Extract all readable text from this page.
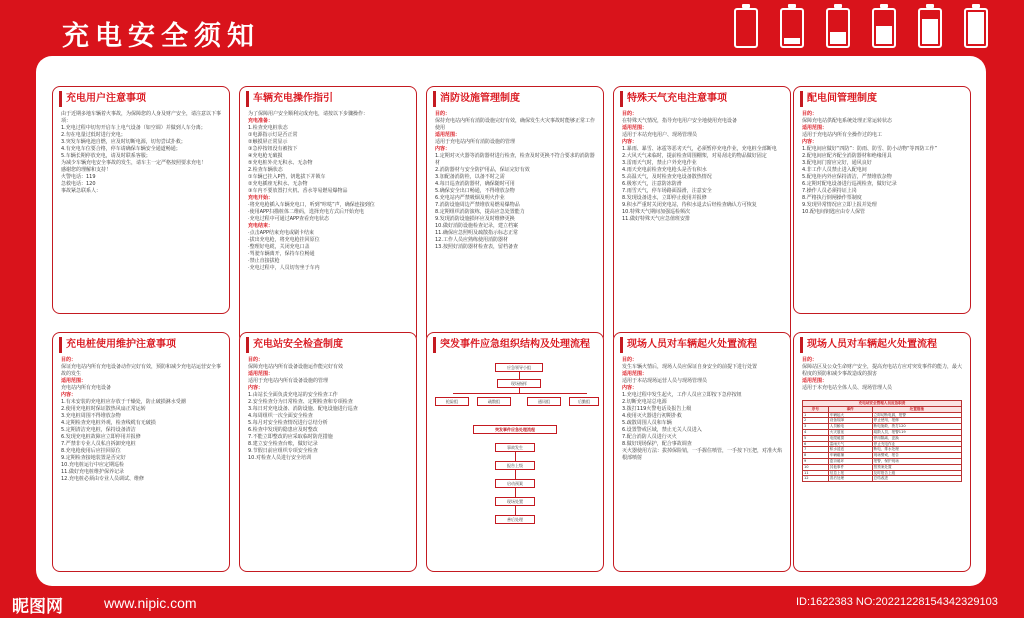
充电安全须知
充电用户注意事项

由于近期多地车辆着火事故，为保障您的人身及财产安全，请注意以下事项：

1.充电过程中切勿开启车上电气设备（如空调）并做到人车分离；

2.勿在电量过低时进行充电；

3.突发车辆电池自燃，应及时切断电源，切勿尝试扑救；

4.有充电车位要合格，停车请确保车辆安全通道畅通；

5.车辆长期停放充电，请及时联系客服；

为减少车辆充电安全事故的发生，请车主一定严格按照要求充电！

感谢您的理解和支持！

火警电话：119

急救电话：120

事故紧急联系人：

车辆充电操作指引

为了保障用户安全顺利完成充电，请按以下步骤操作：

充电准备：

1.检查充电桩状态

①电源指示灯是否正常

②触摸屏正常显示

③急停按钮没有被按下

④充电枪无破损

⑤充电桩外壳无积水、无杂物

2.检查车辆状态

①车辆已挂入P挡，钥匙拔下并锁车

②充电插座无积水、无杂物

③车内不要放置打火机、香水等易燃易爆物品

充电开始：

·将充电枪插入车辆充电口，听到“咔哒”声，确保连接到位

·使用APP扫描桩体二维码，选择充电方式后开始充电

·充电过程中可通过APP查看充电状态

充电结束：

·点击APP结束充电或刷卡结束

·拔出充电枪，将充电枪挂回原位

·整理好电缆，关闭充电口盖

·驾驶车辆离开，保持车位畅通

·禁止直接拔枪

·充电过程中，人员切勿坐于车内

消防设施管理制度

目的：

保持充电站内所有消防设施完好有效，确保发生火灾事故时能够正常工作使用

适用范围：

适用于充电站内所有消防设施的管理

内容：

1.定期对灭火器等消防器材进行检查，检查及时更换不符合要求的消防器材

2.消防器材与安全防护用品，保证完好有效

3.加配备消防栓，以备不时之需

4.每日巡查消防器材，确保随时可用

5.确保安全出口畅通，不得堆放杂物

6.充电站内严禁吸烟及明火作业

7.消防设施周边严禁堆放易燃易爆物品

8.定期组织消防演练，提高应急处置能力

9.发现消防设施损坏应及时维修更换

10.做好消防设施检查记录，建立档案

11.确保应急照明及疏散指示标志正常

12.工作人员应熟练使用消防器材

13.按照好消防器材检查表，留档备查

特殊天气充电注意事项

目的：

在特殊天气情况，指导充电用户安全地使用充电设备

适用范围：

适用于本站充电用户、现场管理员

内容：

1.暴雨、暴雪、冰雹等恶劣天气，必须暂停充电作业，充电桩全部断电

2.大风天气来临时，提前检查周围棚架，对易刮走的物品做好固定

3.雷雨天气时，禁止户外充电作业

4.雨天充电前检查充电枪头是否有积水

5.高温天气，及时检查充电设备散热情况

6.极寒天气，注意防冻防滑

7.雨雪天气，停车场路面湿滑，注意安全

8.发现设备进水，立即停止使用并报修

9.积水严重时关闭充电站，待积水退去后经检查确认方可恢复

10.特殊天气期间加强巡检频次

11.做好特殊天气应急值班安排

配电间管理制度

目的：

保障充电站供配电系统处理正常运转状态

适用范围：

适用于充电站内所有全操作过的电工

内容：

1.配电间应做好“四防”：防雨、防雪、防小动物“等四防工作”

2.配电间应配齐配全消防器材和绝缘用具

3.配电间门窗应完好，通风良好

4.非工作人员禁止进入配电间

5.配电柜内外应保持清洁，严禁堆放杂物

6.定期对配电设备进行巡视检查，做好记录

7.操作人员必须持证上岗

8.严格执行倒闸操作票制度

9.发现异常情况应立即上报并处理

10.配电间钥匙应由专人保管

充电桩使用维护注意事项

目的：

保证充电站内所有充电设备动作完好有效，预防和减少充电站运营安全事故的发生

适用范围：

充电站内所有充电设备

内容：

1.有未安装的充电桩应存放于干燥处，防止破损淋水受潮

2.使用充电桩时保证散热风扇正常运转

3.充电桩周围不得堆放杂物

4.定期检查充电桩外观，检查线缆有无破损

5.定期清洁充电桩，保持设备清洁

6.发现充电桩故障应立即停用并报修

7.严禁非专业人员私自拆卸充电桩

8.充电枪使用后应挂回原位

9.定期检查接地装置是否完好

10.充电桩运行中应定期巡检

11.做好充电桩维护保养记录

12.充电桩必须由专业人员调试、维修

充电站安全检查制度

目的：

保障充电站内所有设备设施运作能完好有效

适用范围：

适用于充电站内所有设备设施的管理

内容：

1.由站长全面负责充电站的安全检查工作

2.安全检查分为日常检查、定期检查和专项检查

3.每日对充电设备、消防设施、配电设施进行巡查

4.每周组织一次全面安全检查

5.每月对安全检查情况进行总结分析

6.检查中发现的隐患应及时整改

7.不能立即整改的应采取临时防范措施

8.建立安全检查台账，做好记录

9.节假日前应组织专项安全检查

10.对检查人员进行安全培训

突发事件应急组织结构及处理流程
应急领导小组
现场指挥
抢险组	疏散组	通讯组	后勤组
突发事件应急处理流程
事故发生
报告上级
启动预案
现场处置
善后处理
现场人员对车辆起火处置流程

目的：

发生车辆火情后，现场人员应保证自身安全的前提下进行处置

适用范围：

适用于本站现场运营人员与现场管理员

内容：

1.充电过程中发生起火，工作人员应立即按下急停按钮

2.切断充电站总电源

3.拨打119火警电话及报告上级

4.使用灭火器进行初期扑救

5.疏散周围人员和车辆

6.设置警戒区域，禁止无关人员进入

7.配合消防人员进行灭火

8.做好现场保护，配合事故调查

灭火器使用方法：拔掉保险销，一手握住喷管，一手按下压把，对准火焰根部喷射

现场人员对车辆起火处置流程

目的：

保障站区及公众生命财产安全，提高充电站方应对突发事件的能力，最大程度的预防和减少事故造成的损害

适用范围：

适用于本充电站全体人员、现场管理人员

充电站安全管理人员应急职责		
序号	事件	处置措施
1	车辆起火	立即切断电源，报警
2	设备故障	停止使用，报修
3	人员触电	断电施救，拨打120
4	火灾蔓延	疏散人员，报警119
5	电缆破损	停用隔离，更换
6	雷雨天气	停止充电作业
7	积水浸泡	断电，排水处理
8	车辆碰撞	现场警戒，报告
9	盗窃破坏	报警，保护现场
10	其他事件	按预案处置
11	信息上报	及时报告上级
12	善后处理	总结改进
昵图网	www.nipic.com	ID:1622383 NO:20221228154342329103
